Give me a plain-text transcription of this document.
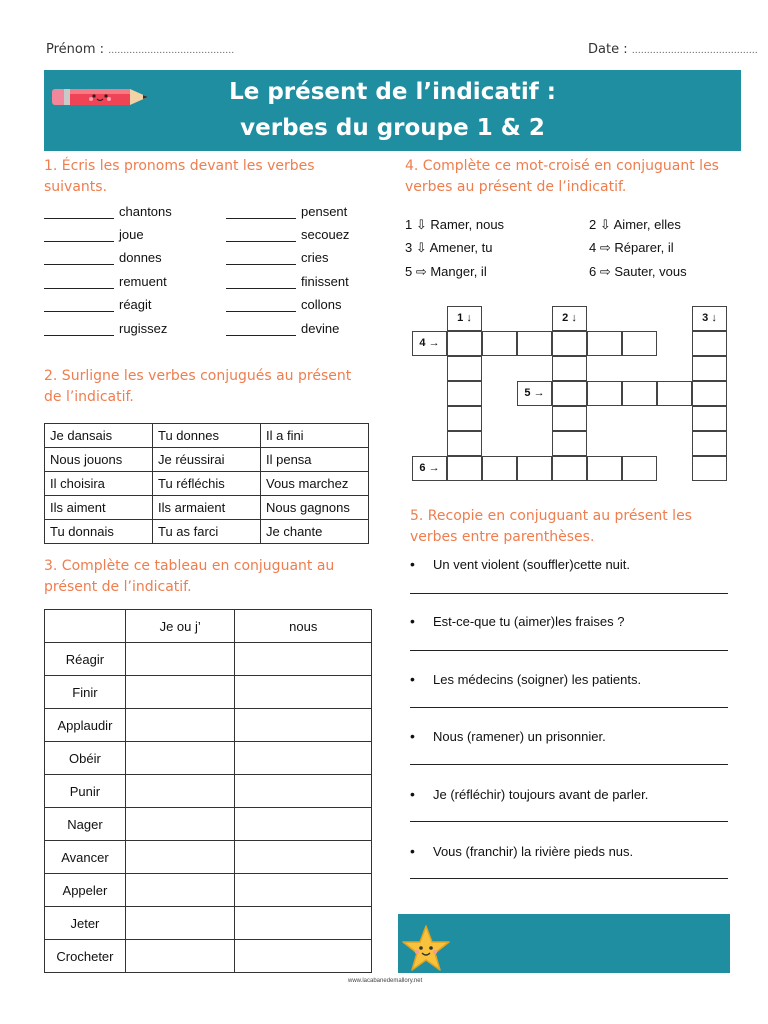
Prénom : ……………………………………	Date : ……………………………………
Le présent de l’indicatif :
verbes du groupe 1 & 2
1. Écris les pronoms devant les verbes suivants.
chantons
joue
donnes
remuent
réagit
rugissez
pensent
secouez
cries
finissent
collons
devine
2. Surligne les verbes conjugués au présent de l’indicatif.
Je dansais	Tu donnes	Il a fini
Nous jouons	Je réussirai	Il pensa
Il choisira	Tu réfléchis	Vous marchez
Ils aiment	Ils armaient	Nous gagnons
Tu donnais	Tu as farci	Je chante
3. Complète ce tableau en conjuguant au présent de l’indicatif.
	Je ou j’	nous
Réagir		
Finir		
Applaudir		
Obéir		
Punir		
Nager		
Avancer		
Appeler		
Jeter		
Crocheter		
4. Complète ce mot-croisé en conjuguant les verbes au présent de l’indicatif.
1 ⇩ Ramer, nous
3 ⇩ Amener, tu
5 ⇨ Manger, il
2 ⇩ Aimer, elles
4 ⇨ Réparer, il
6 ⇨ Sauter, vous
1 ↓	2 ↓	3 ↓
4 →
5 →
6 →
5. Recopie en conjuguant au présent les verbes entre parenthèses.
• Un vent violent (souffler)cette nuit.
• Est-ce-que tu (aimer)les fraises ?
• Les médecins (soigner) les patients.
• Nous (ramener) un prisonnier.
• Je (réfléchir) toujours avant de parler.
• Vous (franchir) la rivière pieds nus.
www.lacabanedemallory.net
